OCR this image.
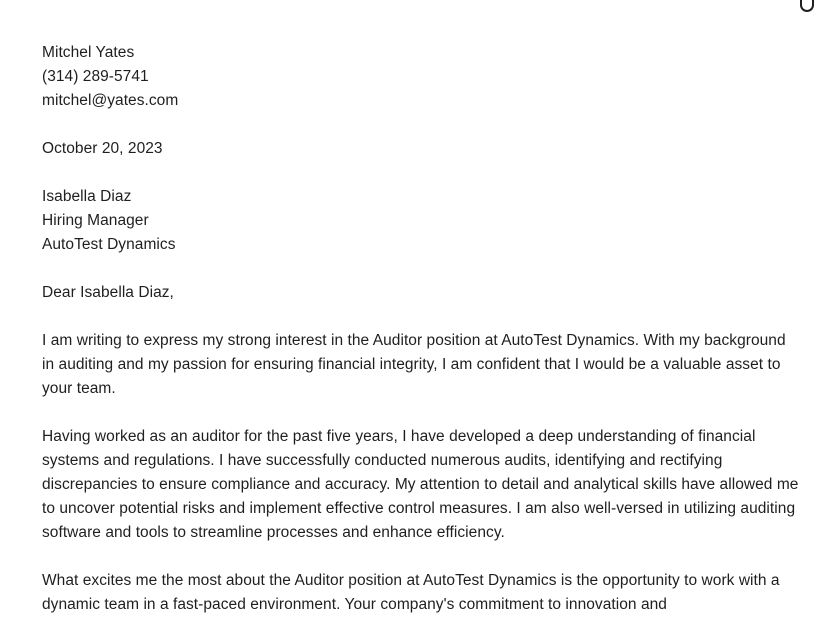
Mitchel Yates
(314) 289-5741
mitchel@yates.com
October 20, 2023
Isabella Diaz
Hiring Manager
AutoTest Dynamics
Dear Isabella Diaz,

I am writing to express my strong interest in the Auditor position at AutoTest Dynamics. With my background in auditing and my passion for ensuring financial integrity, I am confident that I would be a valuable asset to your team.

Having worked as an auditor for the past five years, I have developed a deep understanding of financial systems and regulations. I have successfully conducted numerous audits, identifying and rectifying discrepancies to ensure compliance and accuracy. My attention to detail and analytical skills have allowed me to uncover potential risks and implement effective control measures. I am also well-versed in utilizing auditing software and tools to streamline processes and enhance efficiency.

What excites me the most about the Auditor position at AutoTest Dynamics is the opportunity to work with a dynamic team in a fast-paced environment. Your company's commitment to innovation and
